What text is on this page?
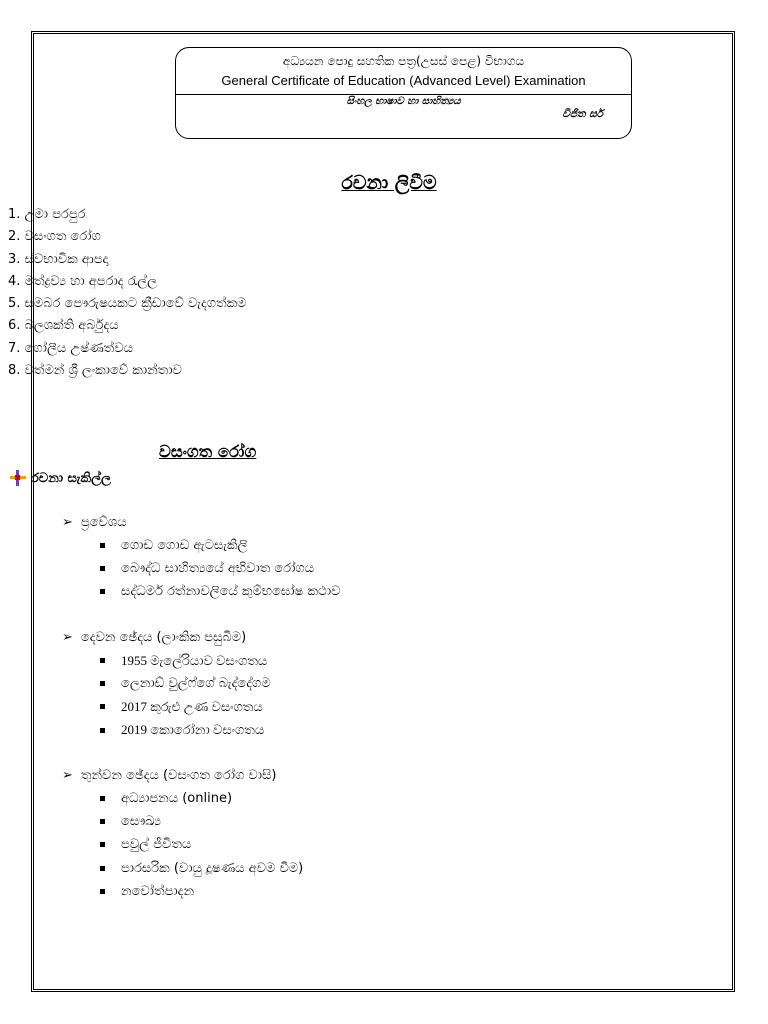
අධ්‍යයන පොදු සහතික පත්‍ර(උසස් පෙළ) විභාගය
General Certificate of Education (Advanced Level) Examination
සිංහල භාෂාව හා සාහිත්‍යය
විජිත සර්
රචනා ලිවීම
1. උමා පරපුර
2. වසංගත රෝග
3. ස්වභාවික ආපදා
4. මත්ද්‍රව්‍ය හා අපරාද රැල්ල
5. සමබර පෞරුෂයකට ක්‍රීඩාවේ වැදගත්කම
6. බලශක්ති අර්බුදය
7. ගෝලීය උෂ්ණත්වය
8. වත්මන් ශ්‍රී ලංකාවේ කාන්තාව
වසංගත රෝග
රචනා සැකිල්ල
➢ ප්‍රවේශය
ගොඩ ගොඩ ඇටසැකිලි
බෞද්ධ සාහිත්‍යයේ අභිවාත රෝගය
සද්ධර්ම රත්නාවලියේ කුම්භඝෝෂ කථාව
➢ දෙවන ඡේදය (ලාංකික පසුබිම)
1955 මැලේරියාව වසංගතය
ලෙනාඩ් වුල්ෆ්ගේ බැද්දේගම
2017 කුරුළු උණ වසංගතය
2019 කොරෝනා වසංගතය
➢ තුන්වන ඡේදය (වසංගත රෝග වාසි)
අධ්‍යාපනය (online)
සෞඛ්‍ය
පවුල් ජීවිතය
පාරසරික (වායු දූෂණය අවම වීම)
නවෝත්පාදන
